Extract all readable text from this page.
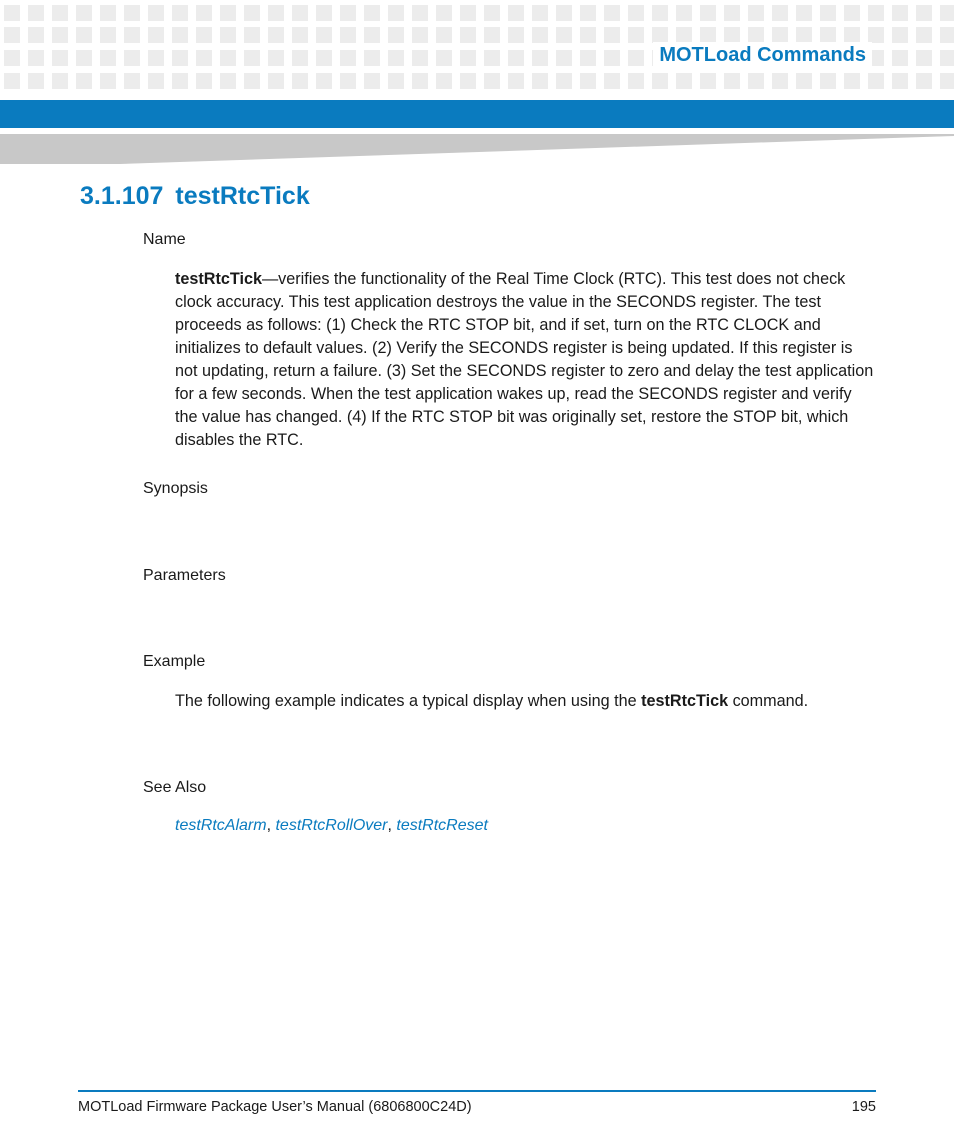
MOTLoad Commands
3.1.107 testRtcTick
Name
testRtcTick—verifies the functionality of the Real Time Clock (RTC). This test does not check clock accuracy. This test application destroys the value in the SECONDS register. The test proceeds as follows: (1) Check the RTC STOP bit, and if set, turn on the RTC CLOCK and initializes to default values. (2) Verify the SECONDS register is being updated. If this register is not updating, return a failure. (3) Set the SECONDS register to zero and delay the test application for a few seconds. When the test application wakes up, read the SECONDS register and verify the value has changed. (4) If the RTC STOP bit was originally set, restore the STOP bit, which disables the RTC.
Synopsis
Parameters
Example
The following example indicates a typical display when using the testRtcTick command.
See Also
testRtcAlarm, testRtcRollOver, testRtcReset
MOTLoad Firmware Package User’s Manual (6806800C24D)	195
